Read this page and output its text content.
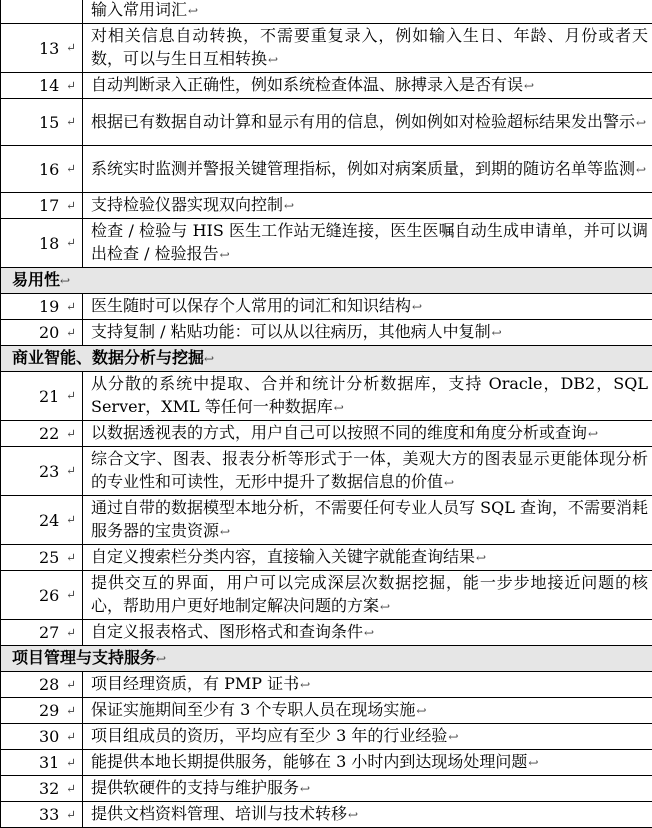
	输入常用词汇↩
13 ↵	对相关信息自动转换，不需要重复录入，例如输入生日、年龄、月份或者天数，可以与生日互相转换↩
14 ↵	自动判断录入正确性，例如系统检查体温、脉搏录入是否有误↩
15 ↵	根据已有数据自动计算和显示有用的信息，例如例如对检验超标结果发出警示↩
16 ↵	系统实时监测并警报关键管理指标，例如对病案质量，到期的随访名单等监测↩
17 ↵	支持检验仪器实现双向控制↩
18 ↵	检查 / 检验与 HIS 医生工作站无缝连接，医生医嘱自动生成申请单，并可以调出检查 / 检验报告↩
易用性↩	
19 ↵	医生随时可以保存个人常用的词汇和知识结构↩
20 ↵	支持复制 / 粘贴功能：可以从以往病历，其他病人中复制↩
商业智能、数据分析与挖掘↩	
21 ↵	从分散的系统中提取、合并和统计分析数据库，支持 Oracle，DB2，SQL Server，XML 等任何一种数据库↩
22 ↵	以数据透视表的方式，用户自己可以按照不同的维度和角度分析或查询↩
23 ↵	综合文字、图表、报表分析等形式于一体，美观大方的图表显示更能体现分析的专业性和可读性，无形中提升了数据信息的价值↩
24 ↵	通过自带的数据模型本地分析，不需要任何专业人员写 SQL 查询，不需要消耗服务器的宝贵资源↩
25 ↵	自定义搜索栏分类内容，直接输入关键字就能查询结果↩
26 ↵	提供交互的界面，用户可以完成深层次数据挖掘，能一步步地接近问题的核心，帮助用户更好地制定解决问题的方案↩
27 ↵	自定义报表格式、图形格式和查询条件↩
项目管理与支持服务↩	
28 ↵	项目经理资质，有 PMP 证书↩
29 ↵	保证实施期间至少有 3 个专职人员在现场实施↩
30 ↵	项目组成员的资历，平均应有至少 3 年的行业经验↩
31 ↵	能提供本地长期提供服务，能够在 3 小时内到达现场处理问题↩
32 ↵	提供软硬件的支持与维护服务↩
33 ↵	提供文档资料管理、培训与技术转移↩
